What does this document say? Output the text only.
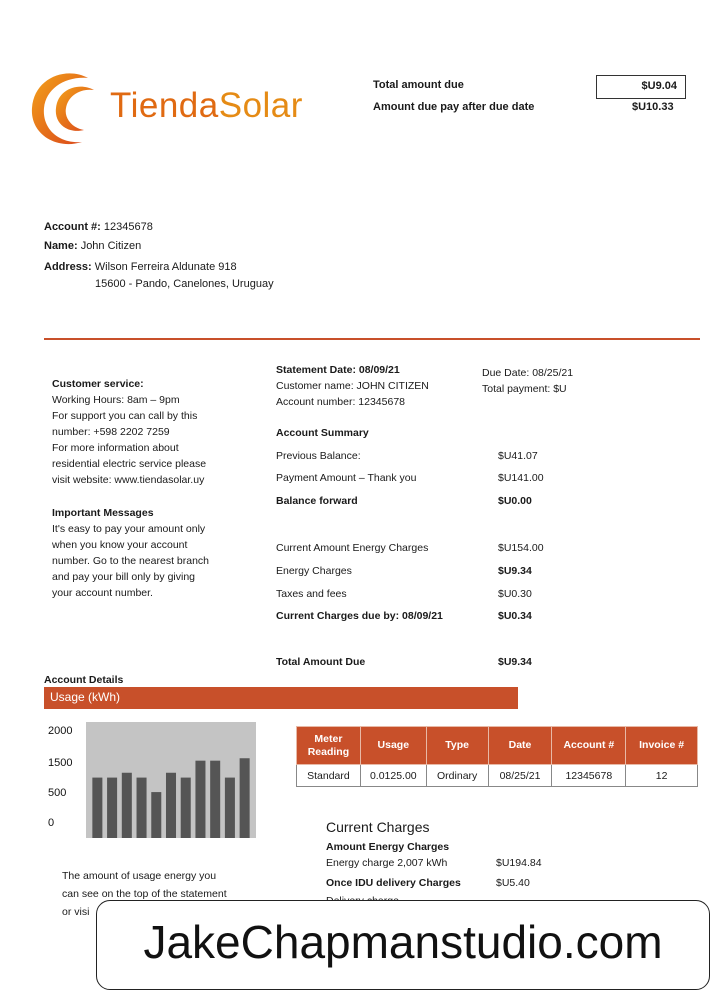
TiendaSolar
Total amount due	$U9.04
Amount due pay after due date	$U10.33
Account #: 12345678
Name: John Citizen
Address: Wilson Ferreira Aldunate 918
15600 - Pando, Canelones, Uruguay
Customer service:
Working Hours: 8am – 9pm
For support you can call by this
number: +598 2202 7259
For more information about
residential electric service please
visit website: www.tiendasolar.uy
Important Messages
It's easy to pay your amount only
when you know your account
number. Go to the nearest branch
and pay your bill only by giving
your account number.
Statement Date: 08/09/21
Customer name: JOHN CITIZEN
Account number: 12345678
Due Date: 08/25/21
Total payment: $U
Account Summary
Previous Balance:	$U41.07
Payment Amount – Thank you	$U141.00
Balance forward	$U0.00
Current Amount Energy Charges	$U154.00
Energy Charges	$U9.34
Taxes and fees	$U0.30
Current Charges due by: 08/09/21	$U0.34
Total Amount Due	$U9.34
Account Details
Usage (kWh)
2000
1500
500
0
Meter Reading	Usage	Type	Date	Account #	Invoice #
Standard	0.0125.00	Ordinary	08/25/21	12345678	12
The amount of usage energy you
can see on the top of the statement
or visi
Current Charges
Amount Energy Charges
Energy charge 2,007 kWh	$U194.84
Once IDU delivery Charges	$U5.40
JakeChapmanstudio.com
